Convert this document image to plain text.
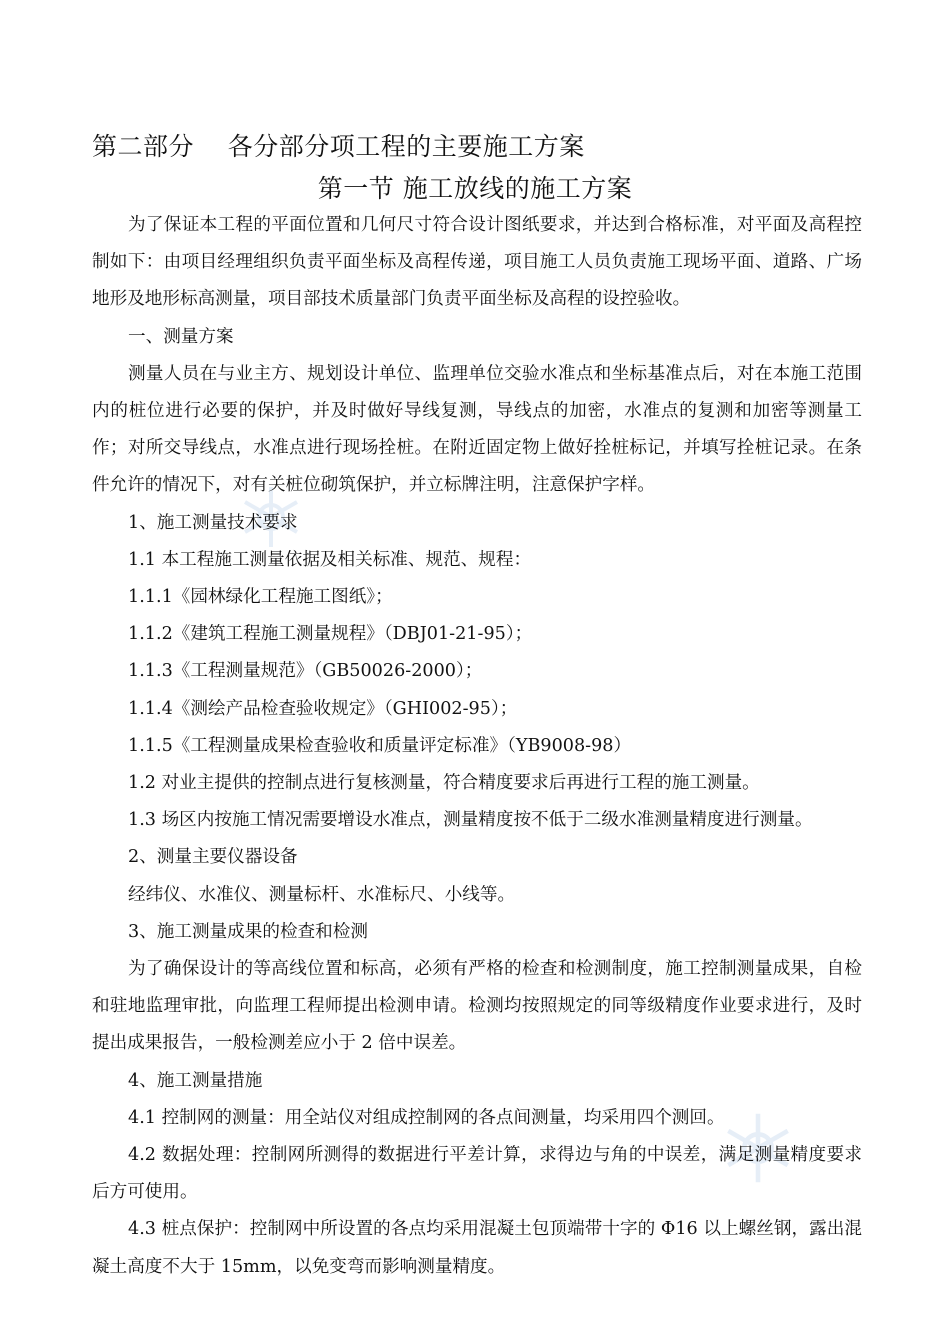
第二部分    各分部分项工程的主要施工方案
第一节 施工放线的施工方案

为了保证本工程的平面位置和几何尺寸符合设计图纸要求，并达到合格标准，对平面及高程控制如下：由项目经理组织负责平面坐标及高程传递，项目施工人员负责施工现场平面、道路、广场地形及地形标高测量，项目部技术质量部门负责平面坐标及高程的设控验收。

一、测量方案

测量人员在与业主方、规划设计单位、监理单位交验水准点和坐标基准点后，对在本施工范围内的桩位进行必要的保护，并及时做好导线复测，导线点的加密，水准点的复测和加密等测量工作；对所交导线点，水准点进行现场拴桩。在附近固定物上做好拴桩标记，并填写拴桩记录。在条件允许的情况下，对有关桩位砌筑保护，并立标牌注明，注意保护字样。

1、施工测量技术要求

1.1 本工程施工测量依据及相关标准、规范、规程：

1.1.1《园林绿化工程施工图纸》；

1.1.2《建筑工程施工测量规程》（DBJ01-21-95）；

1.1.3《工程测量规范》（GB50026-2000）；

1.1.4《测绘产品检查验收规定》（GHI002-95）；

1.1.5《工程测量成果检查验收和质量评定标准》（YB9008-98）

1.2 对业主提供的控制点进行复核测量，符合精度要求后再进行工程的施工测量。

1.3 场区内按施工情况需要增设水准点，测量精度按不低于二级水准测量精度进行测量。

2、测量主要仪器设备

经纬仪、水准仪、测量标杆、水准标尺、小线等。

3、施工测量成果的检查和检测

为了确保设计的等高线位置和标高，必须有严格的检查和检测制度，施工控制测量成果，自检和驻地监理审批，向监理工程师提出检测申请。检测均按照规定的同等级精度作业要求进行，及时提出成果报告，一般检测差应小于 2 倍中误差。

4、施工测量措施

4.1 控制网的测量：用全站仪对组成控制网的各点间测量，均采用四个测回。

4.2 数据处理：控制网所测得的数据进行平差计算，求得边与角的中误差，满足测量精度要求后方可使用。

4.3 桩点保护：控制网中所设置的各点均采用混凝土包顶端带十字的 Φ16 以上螺丝钢，露出混凝土高度不大于 15mm，以免变弯而影响测量精度。
